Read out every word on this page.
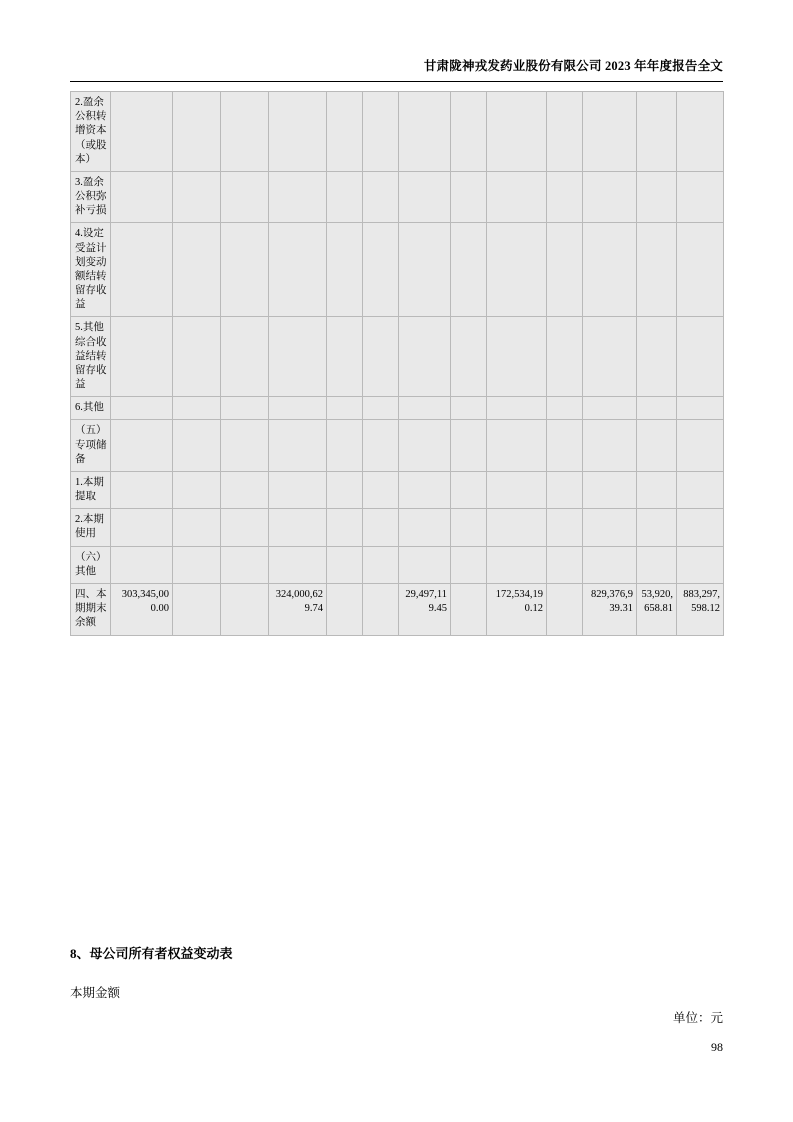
甘肃陇神戎发药业股份有限公司 2023 年年度报告全文
2.盈余公积转增资本（或股本）													
3.盈余公积弥补亏损													
4.设定受益计划变动额结转留存收益													
5.其他综合收益结转留存收益													
6.其他													
（五）专项储备													
1.本期提取													
2.本期使用													
（六）其他													
四、本期期末余额	303,345,000.00			324,000,629.74			29,497,119.45		172,534,190.12		829,376,939.31	53,920,658.81	883,297,598.12
8、母公司所有者权益变动表
本期金额
单位：元
98
